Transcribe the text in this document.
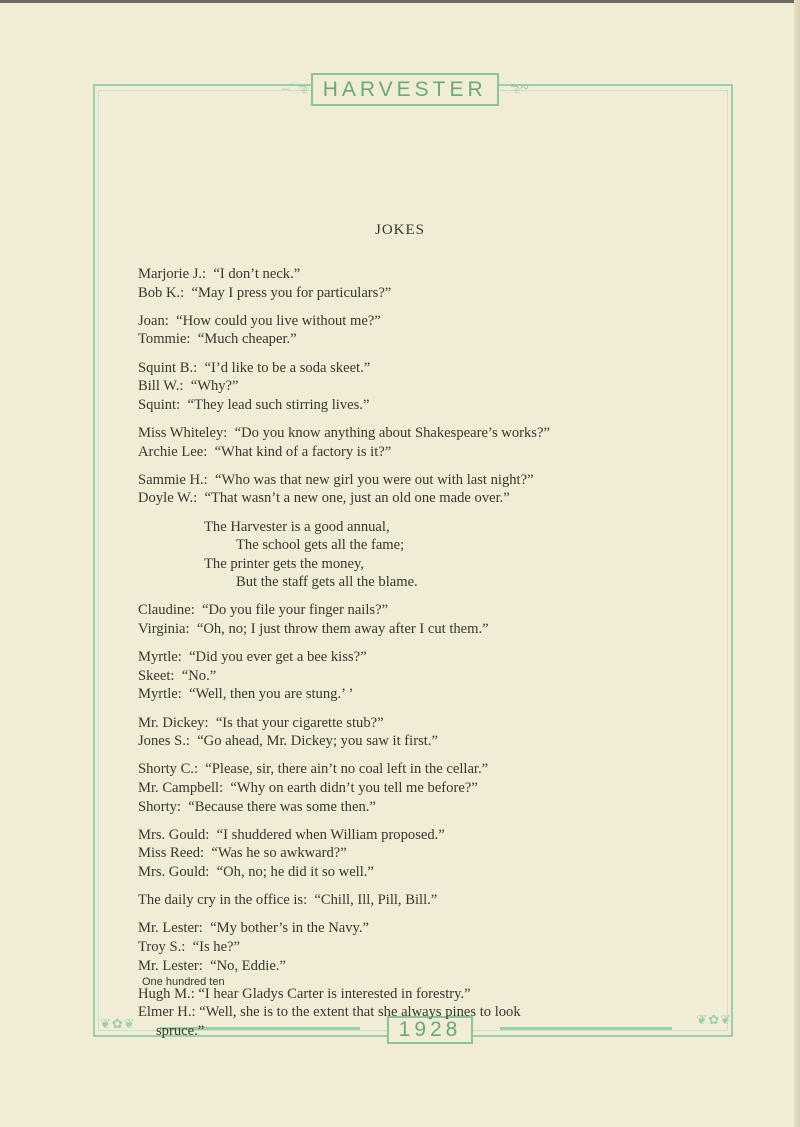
~ಾ HARVESTER ಾ~
❦✿❦	1928	❦✿❦
JOKES
Marjorie J.:  “I don’t neck.”
Bob K.:  “May I press you for particulars?”
Joan:  “How could you live without me?”
Tommie:  “Much cheaper.”
Squint B.:  “I’d like to be a soda skeet.”
Bill W.:  “Why?”
Squint:  “They lead such stirring lives.”
Miss Whiteley:  “Do you know anything about Shakespeare’s works?”
Archie Lee:  “What kind of a factory is it?”
Sammie H.:  “Who was that new girl you were out with last night?”
Doyle W.:  “That wasn’t a new one, just an old one made over.”
The Harvester is a good annual,
The school gets all the fame;
The printer gets the money,
But the staff gets all the blame.
Claudine:  “Do you file your finger nails?”
Virginia:  “Oh, no; I just throw them away after I cut them.”
Myrtle:  “Did you ever get a bee kiss?”
Skeet:  “No.”
Myrtle:  “Well, then you are stung.’ ’
Mr. Dickey:  “Is that your cigarette stub?”
Jones S.:  “Go ahead, Mr. Dickey; you saw it first.”
Shorty C.:  “Please, sir, there ain’t no coal left in the cellar.”
Mr. Campbell:  “Why on earth didn’t you tell me before?”
Shorty:  “Because there was some then.”
Mrs. Gould:  “I shuddered when William proposed.”
Miss Reed:  “Was he so awkward?”
Mrs. Gould:  “Oh, no; he did it so well.”
The daily cry in the office is:  “Chill, Ill, Pill, Bill.”
Mr. Lester:  “My bother’s in the Navy.”
Troy S.:  “Is he?”
Mr. Lester:  “No, Eddie.”
Hugh M.: “I hear Gladys Carter is interested in forestry.”
Elmer H.: “Well, she is to the extent that she always pines to look
spruce.”
One hundred ten
